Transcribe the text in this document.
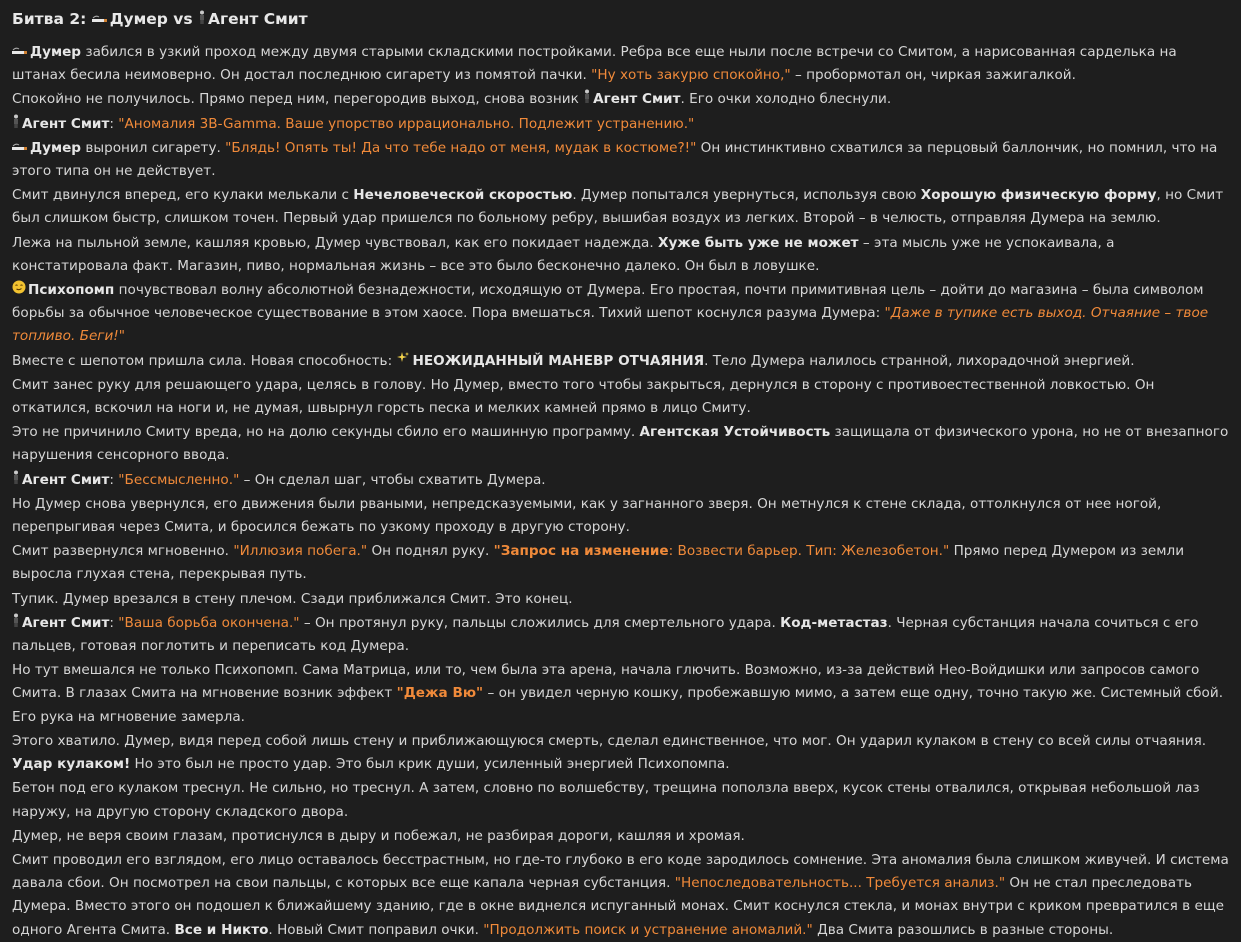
Битва 2: Думер vs Агент Смит

Думер забился в узкий проход между двумя старыми складскими постройками. Ребра все еще ныли после встречи со Смитом, а нарисованная сарделька на штанах бесила неимоверно. Он достал последнюю сигарету из помятой пачки. "Ну хоть закурю спокойно," – пробормотал он, чиркая зажигалкой.

Спокойно не получилось. Прямо перед ним, перегородив выход, снова возник Агент Смит. Его очки холодно блеснули.

Агент Смит: "Аномалия 3B-Gamma. Ваше упорство иррационально. Подлежит устранению."

Думер выронил сигарету. "Блядь! Опять ты! Да что тебе надо от меня, мудак в костюме?!" Он инстинктивно схватился за перцовый баллончик, но помнил, что на этого типа он не действует.

Смит двинулся вперед, его кулаки мелькали с Нечеловеческой скоростью. Думер попытался увернуться, используя свою Хорошую физическую форму, но Смит был слишком быстр, слишком точен. Первый удар пришелся по больному ребру, вышибая воздух из легких. Второй – в челюсть, отправляя Думера на землю.

Лежа на пыльной земле, кашляя кровью, Думер чувствовал, как его покидает надежда. Хуже быть уже не может – эта мысль уже не успокаивала, а констатировала факт. Магазин, пиво, нормальная жизнь – все это было бесконечно далеко. Он был в ловушке.

Психопомп почувствовал волну абсолютной безнадежности, исходящую от Думера. Его простая, почти примитивная цель – дойти до магазина – была символом борьбы за обычное человеческое существование в этом хаосе. Пора вмешаться. Тихий шепот коснулся разума Думера: "Даже в тупике есть выход. Отчаяние – твое топливо. Беги!"

Вместе с шепотом пришла сила. Новая способность: НЕОЖИДАННЫЙ МАНЕВР ОТЧАЯНИЯ. Тело Думера налилось странной, лихорадочной энергией.

Смит занес руку для решающего удара, целясь в голову. Но Думер, вместо того чтобы закрыться, дернулся в сторону с противоестественной ловкостью. Он откатился, вскочил на ноги и, не думая, швырнул горсть песка и мелких камней прямо в лицо Смиту.

Это не причинило Смиту вреда, но на долю секунды сбило его машинную программу. Агентская Устойчивость защищала от физического урона, но не от внезапного нарушения сенсорного ввода.

Агент Смит: "Бессмысленно." – Он сделал шаг, чтобы схватить Думера.

Но Думер снова увернулся, его движения были рваными, непредсказуемыми, как у загнанного зверя. Он метнулся к стене склада, оттолкнулся от нее ногой, перепрыгивая через Смита, и бросился бежать по узкому проходу в другую сторону.

Смит развернулся мгновенно. "Иллюзия побега." Он поднял руку. "Запрос на изменение: Возвести барьер. Тип: Железобетон." Прямо перед Думером из земли выросла глухая стена, перекрывая путь.

Тупик. Думер врезался в стену плечом. Сзади приближался Смит. Это конец.

Агент Смит: "Ваша борьба окончена." – Он протянул руку, пальцы сложились для смертельного удара. Код-метастаз. Черная субстанция начала сочиться с его пальцев, готовая поглотить и переписать код Думера.

Но тут вмешался не только Психопомп. Сама Матрица, или то, чем была эта арена, начала глючить. Возможно, из-за действий Нео-Войдишки или запросов самого Смита. В глазах Смита на мгновение возник эффект "Дежа Вю" – он увидел черную кошку, пробежавшую мимо, а затем еще одну, точно такую же. Системный сбой. Его рука на мгновение замерла.

Этого хватило. Думер, видя перед собой лишь стену и приближающуюся смерть, сделал единственное, что мог. Он ударил кулаком в стену со всей силы отчаяния. Удар кулаком! Но это был не просто удар. Это был крик души, усиленный энергией Психопомпа.

Бетон под его кулаком треснул. Не сильно, но треснул. А затем, словно по волшебству, трещина поползла вверх, кусок стены отвалился, открывая небольшой лаз наружу, на другую сторону складского двора.

Думер, не веря своим глазам, протиснулся в дыру и побежал, не разбирая дороги, кашляя и хромая.

Смит проводил его взглядом, его лицо оставалось бесстрастным, но где-то глубоко в его коде зародилось сомнение. Эта аномалия была слишком живучей. И система давала сбои. Он посмотрел на свои пальцы, с которых все еще капала черная субстанция. "Непоследовательность... Требуется анализ." Он не стал преследовать Думера. Вместо этого он подошел к ближайшему зданию, где в окне виднелся испуганный монах. Смит коснулся стекла, и монах внутри с криком превратился в еще одного Агента Смита. Все и Никто. Новый Смит поправил очки. "Продолжить поиск и устранение аномалий." Два Смита разошлись в разные стороны.
